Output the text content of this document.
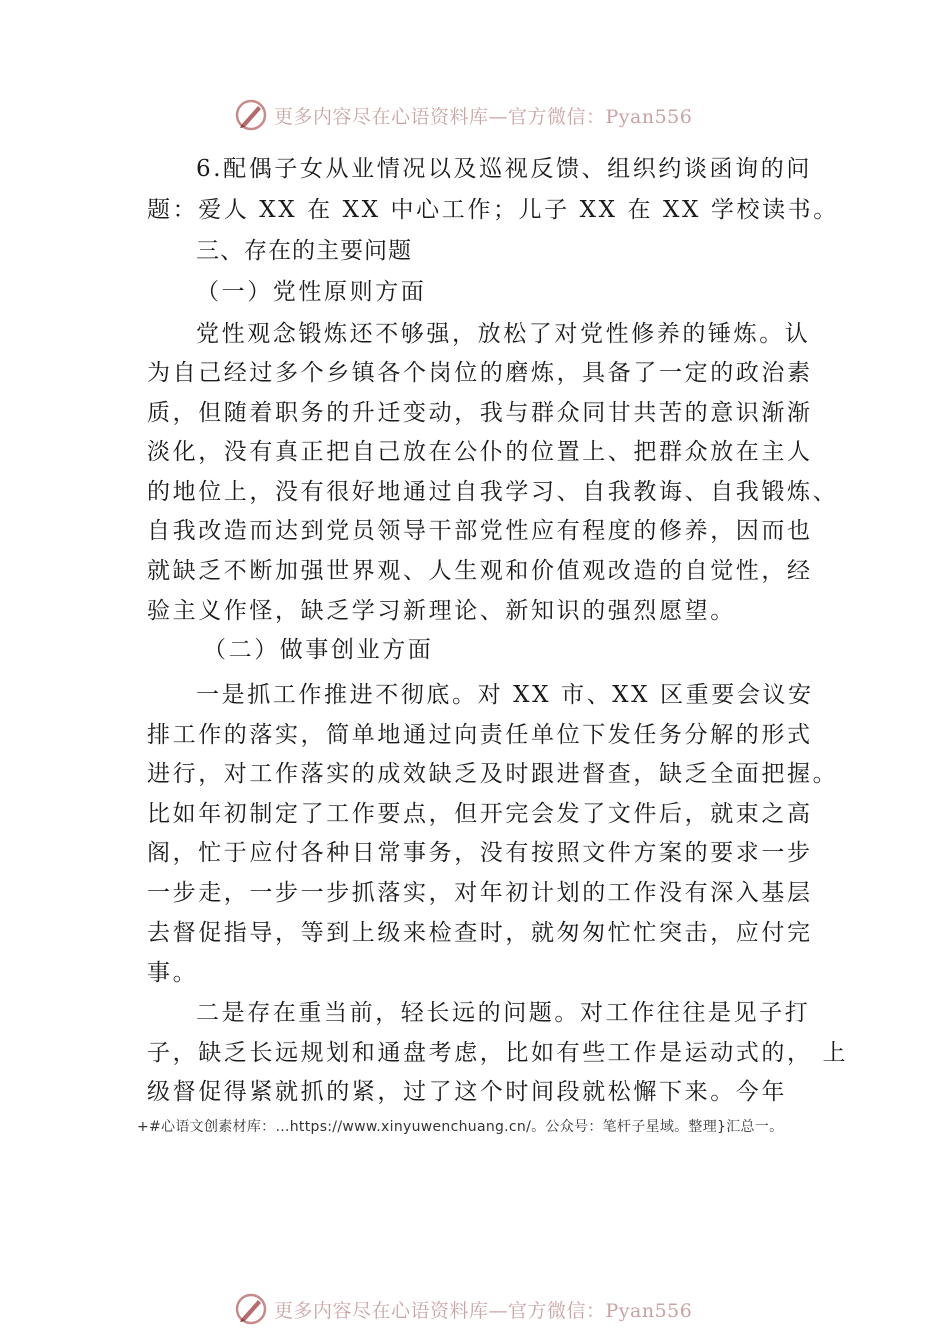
更多内容尽在心语资料库—官方微信：Pyan556
6.配偶子女从业情况以及巡视反馈、组织约谈函询的问
题：爱人 XX 在 XX 中心工作；儿子 XX 在 XX 学校读书。
三、存在的主要问题
（一）党性原则方面
党性观念锻炼还不够强，放松了对党性修养的锤炼。认
为自己经过多个乡镇各个岗位的磨炼，具备了一定的政治素
质，但随着职务的升迁变动，我与群众同甘共苦的意识渐渐
淡化，没有真正把自己放在公仆的位置上、把群众放在主人
的地位上，没有很好地通过自我学习、自我教诲、自我锻炼、
自我改造而达到党员领导干部党性应有程度的修养，因而也
就缺乏不断加强世界观、人生观和价值观改造的自觉性，经
验主义作怪，缺乏学习新理论、新知识的强烈愿望。
（二）做事创业方面
一是抓工作推进不彻底。对 XX 市、XX 区重要会议安
排工作的落实，简单地通过向责任单位下发任务分解的形式
进行，对工作落实的成效缺乏及时跟进督查，缺乏全面把握。
比如年初制定了工作要点，但开完会发了文件后，就束之高
阁，忙于应付各种日常事务，没有按照文件方案的要求一步
一步走，一步一步抓落实，对年初计划的工作没有深入基层
去督促指导，等到上级来检查时，就匆匆忙忙突击，应付完
事。
二是存在重当前，轻长远的问题。对工作往往是见子打
子，缺乏长远规划和通盘考虑，比如有些工作是运动式的， 上
级督促得紧就抓的紧，过了这个时间段就松懈下来。今年
+#心语文创素材库：…https://www.xinyuwenchuang.cn/。公众号：笔杆子星域。整理}汇总一。
更多内容尽在心语资料库—官方微信：Pyan556
